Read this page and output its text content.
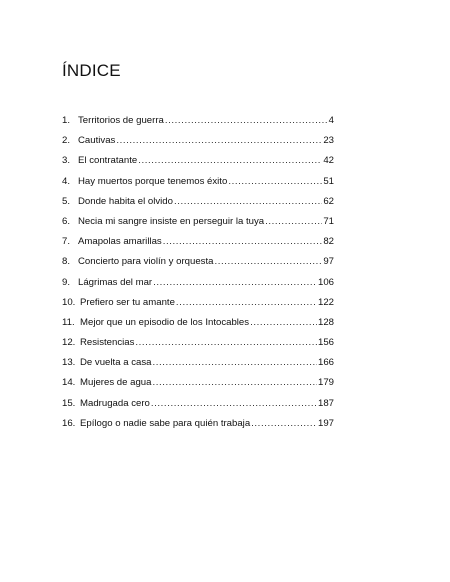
ÍNDICE
1. Territorios de guerra .....	4
2. Cautivas .....	23
3. El contratante .....	42
4. Hay muertos porque tenemos éxito .....	51
5. Donde habita el olvido .....	62
6. Necia mi sangre insiste en perseguir la tuya .....	71
7. Amapolas amarillas .....	82
8. Concierto para violín y orquesta .....	97
9. Lágrimas del mar .....	106
10. Prefiero ser tu amante .....	122
11. Mejor que un episodio de los Intocables .....	128
12. Resistencias .....	156
13. De vuelta a casa .....	166
14. Mujeres de agua .....	179
15. Madrugada cero .....	187
16. Epílogo o nadie sabe para quién trabaja .....	197
